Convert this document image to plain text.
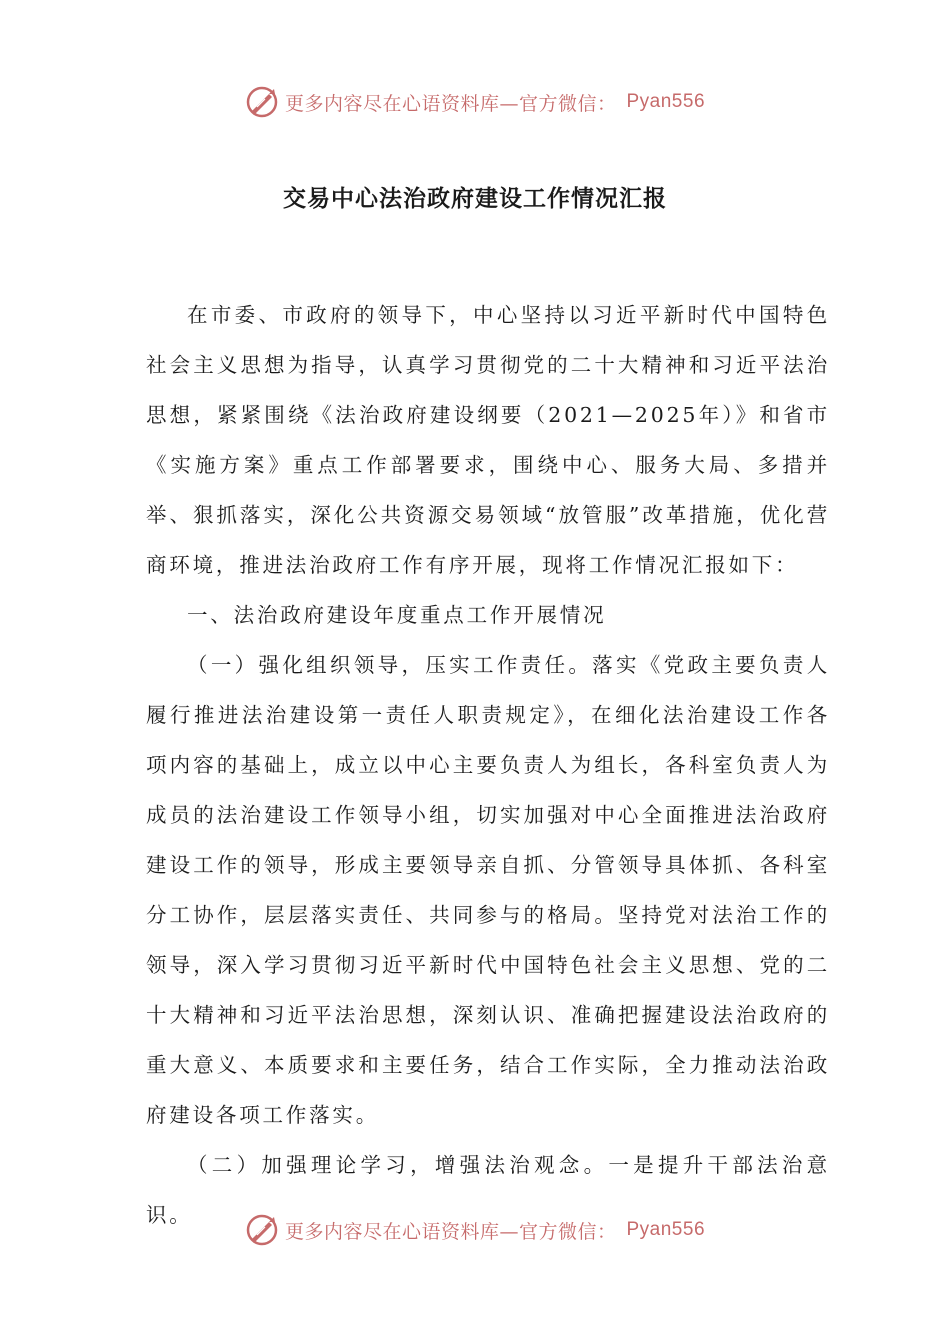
更多内容尽在心语资料库—官方微信： Pyan556
交易中心法治政府建设工作情况汇报

在市委、市政府的领导下，中心坚持以习近平新时代中国特色社会主义思想为指导，认真学习贯彻党的二十大精神和习近平法治思想，紧紧围绕《法治政府建设纲要（2021—2025年）》和省市《实施方案》重点工作部署要求，围绕中心、服务大局、多措并举、狠抓落实，深化公共资源交易领域“放管服”改革措施，优化营商环境，推进法治政府工作有序开展，现将工作情况汇报如下：

一、法治政府建设年度重点工作开展情况

（一）强化组织领导，压实工作责任。落实《党政主要负责人履行推进法治建设第一责任人职责规定》，在细化法治建设工作各项内容的基础上，成立以中心主要负责人为组长，各科室负责人为成员的法治建设工作领导小组，切实加强对中心全面推进法治政府建设工作的领导，形成主要领导亲自抓、分管领导具体抓、各科室分工协作，层层落实责任、共同参与的格局。坚持党对法治工作的领导，深入学习贯彻习近平新时代中国特色社会主义思想、党的二十大精神和习近平法治思想，深刻认识、准确把握建设法治政府的重大意义、本质要求和主要任务，结合工作实际，全力推动法治政府建设各项工作落实。

（二）加强理论学习，增强法治观念。一是提升干部法治意识。

更多内容尽在心语资料库—官方微信： Pyan556
